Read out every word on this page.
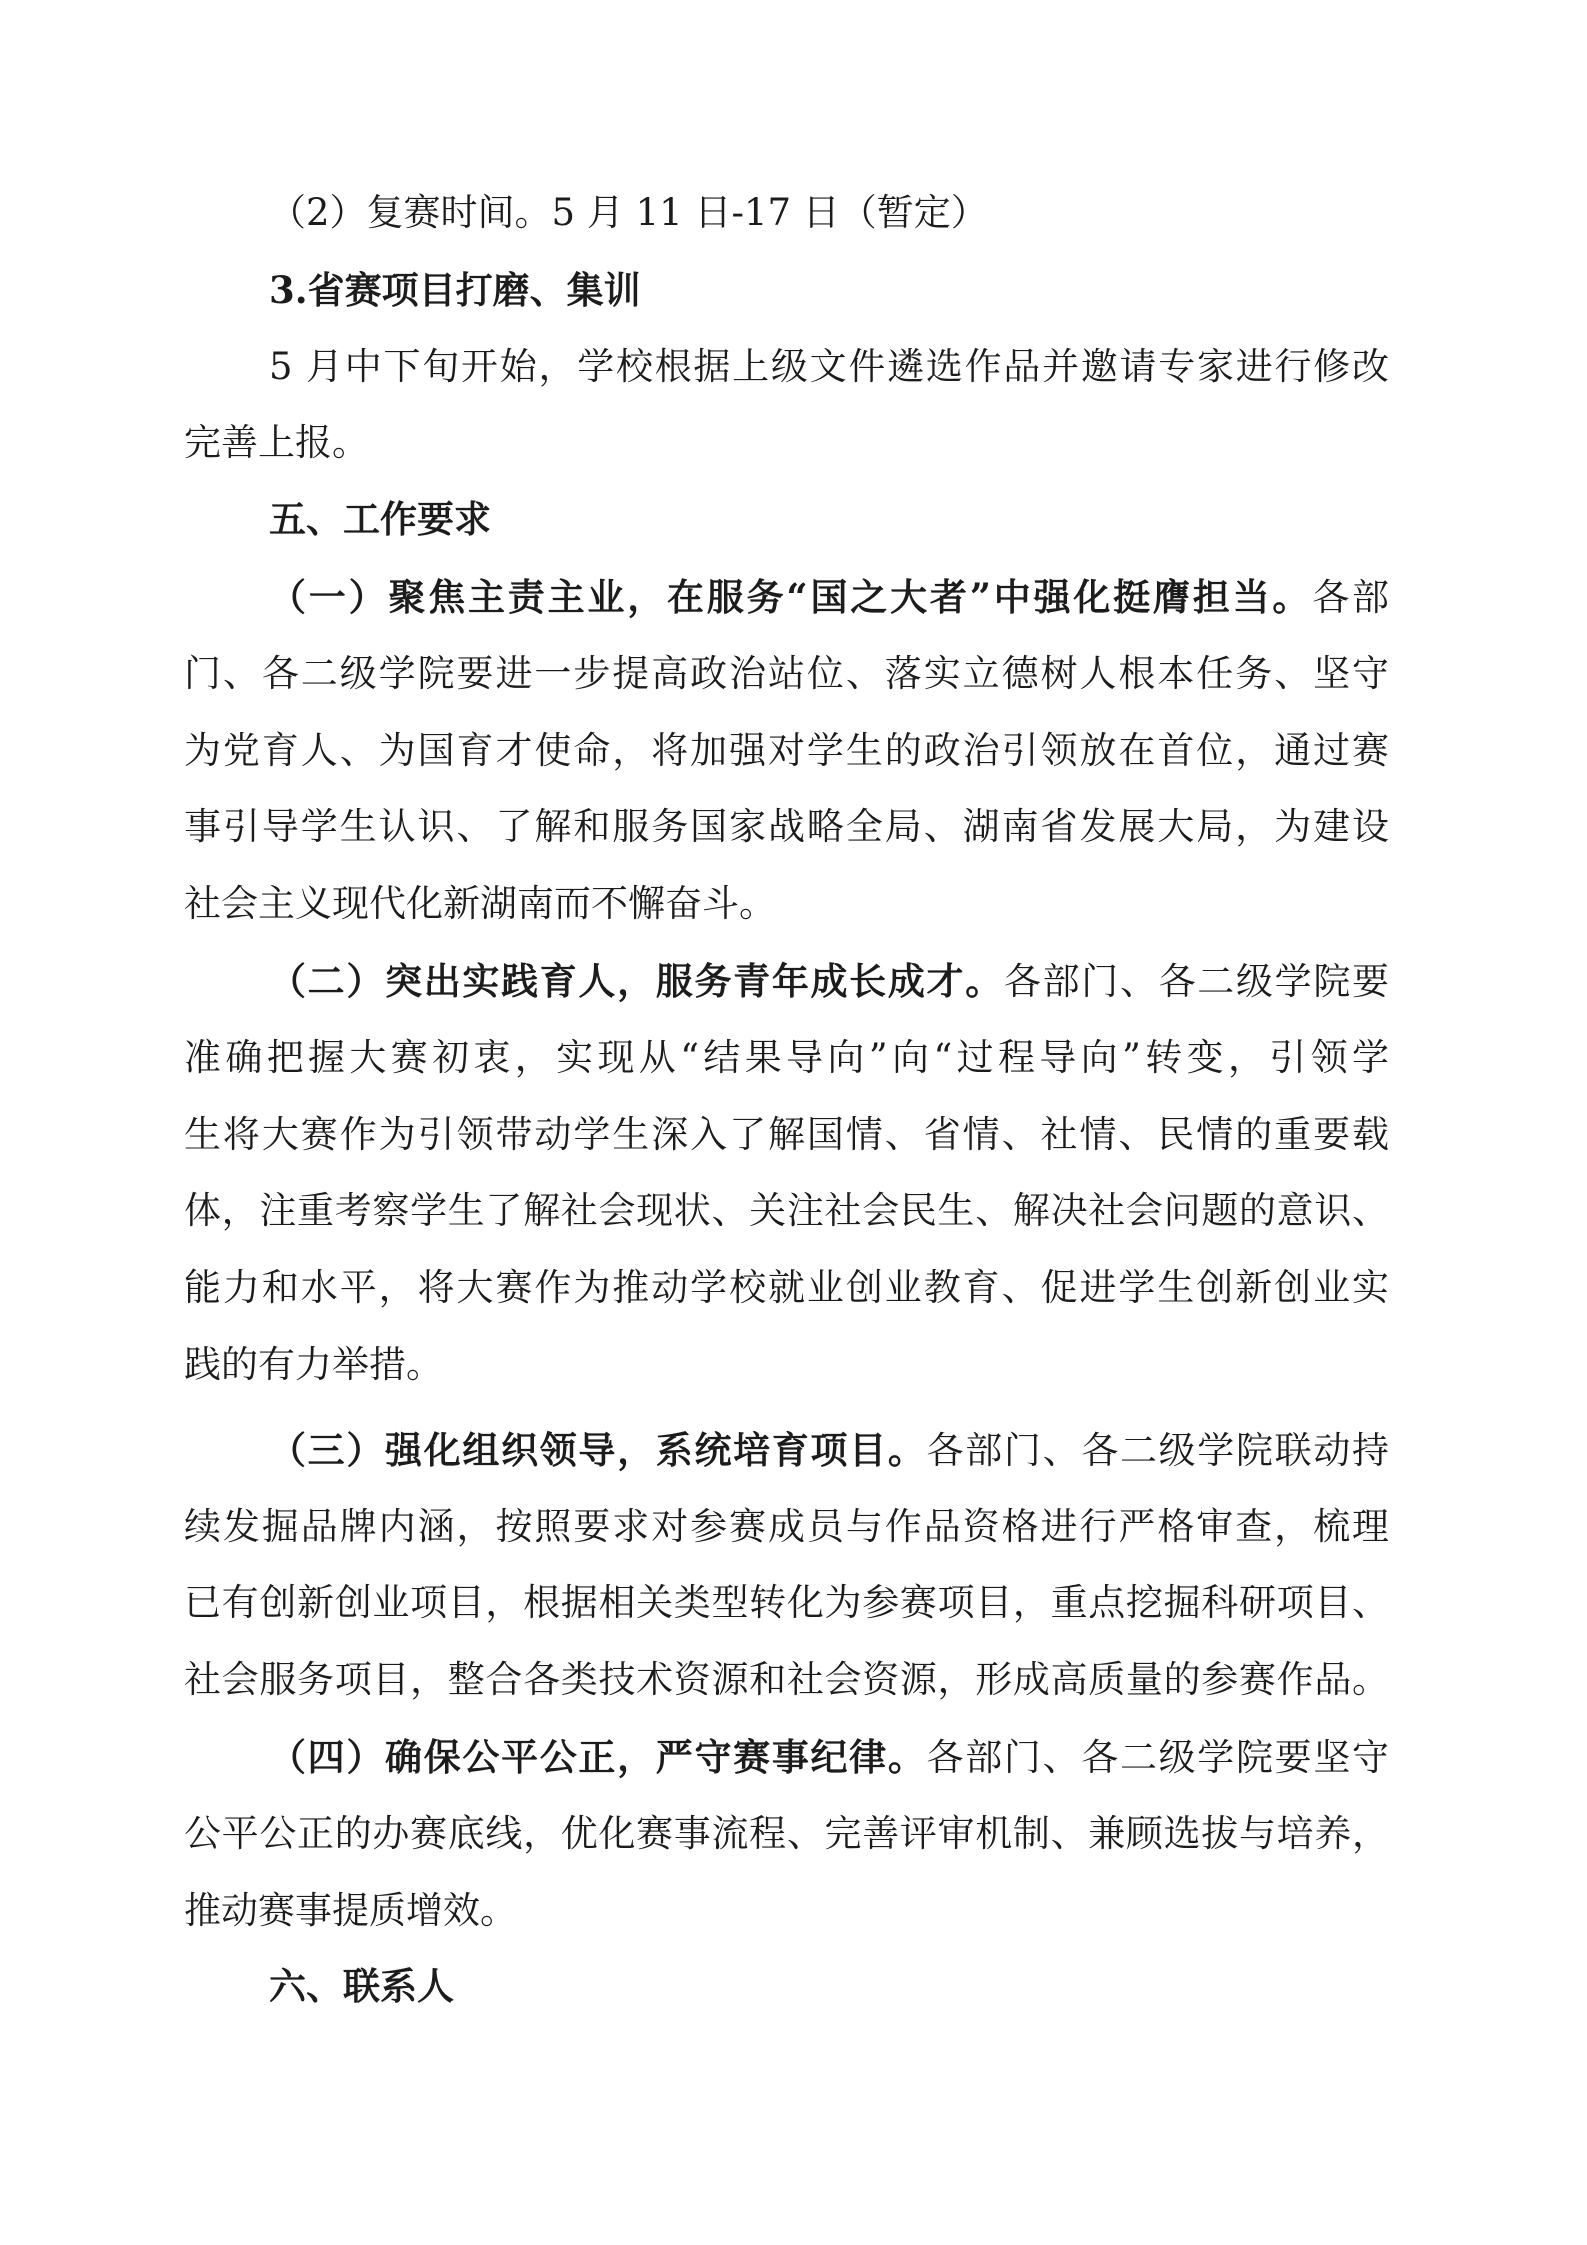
（2）复赛时间。5 月 11 日-17 日（暂定）
3.省赛项目打磨、集训
5 月中下旬开始，学校根据上级文件遴选作品并邀请专家进行修改
完善上报。
五、工作要求
（一）聚焦主责主业，在服务“国之大者”中强化挺膺担当。各部
门、各二级学院要进一步提高政治站位、落实立德树人根本任务、坚守
为党育人、为国育才使命，将加强对学生的政治引领放在首位，通过赛
事引导学生认识、了解和服务国家战略全局、湖南省发展大局，为建设
社会主义现代化新湖南而不懈奋斗。
（二）突出实践育人，服务青年成长成才。各部门、各二级学院要
准确把握大赛初衷，实现从“结果导向”向“过程导向”转变，引领学
生将大赛作为引领带动学生深入了解国情、省情、社情、民情的重要载
体，注重考察学生了解社会现状、关注社会民生、解决社会问题的意识、
能力和水平，将大赛作为推动学校就业创业教育、促进学生创新创业实
践的有力举措。
（三）强化组织领导，系统培育项目。各部门、各二级学院联动持
续发掘品牌内涵，按照要求对参赛成员与作品资格进行严格审查，梳理
已有创新创业项目，根据相关类型转化为参赛项目，重点挖掘科研项目、
社会服务项目，整合各类技术资源和社会资源，形成高质量的参赛作品。
（四）确保公平公正，严守赛事纪律。各部门、各二级学院要坚守
公平公正的办赛底线，优化赛事流程、完善评审机制、兼顾选拔与培养，
推动赛事提质增效。
六、联系人
